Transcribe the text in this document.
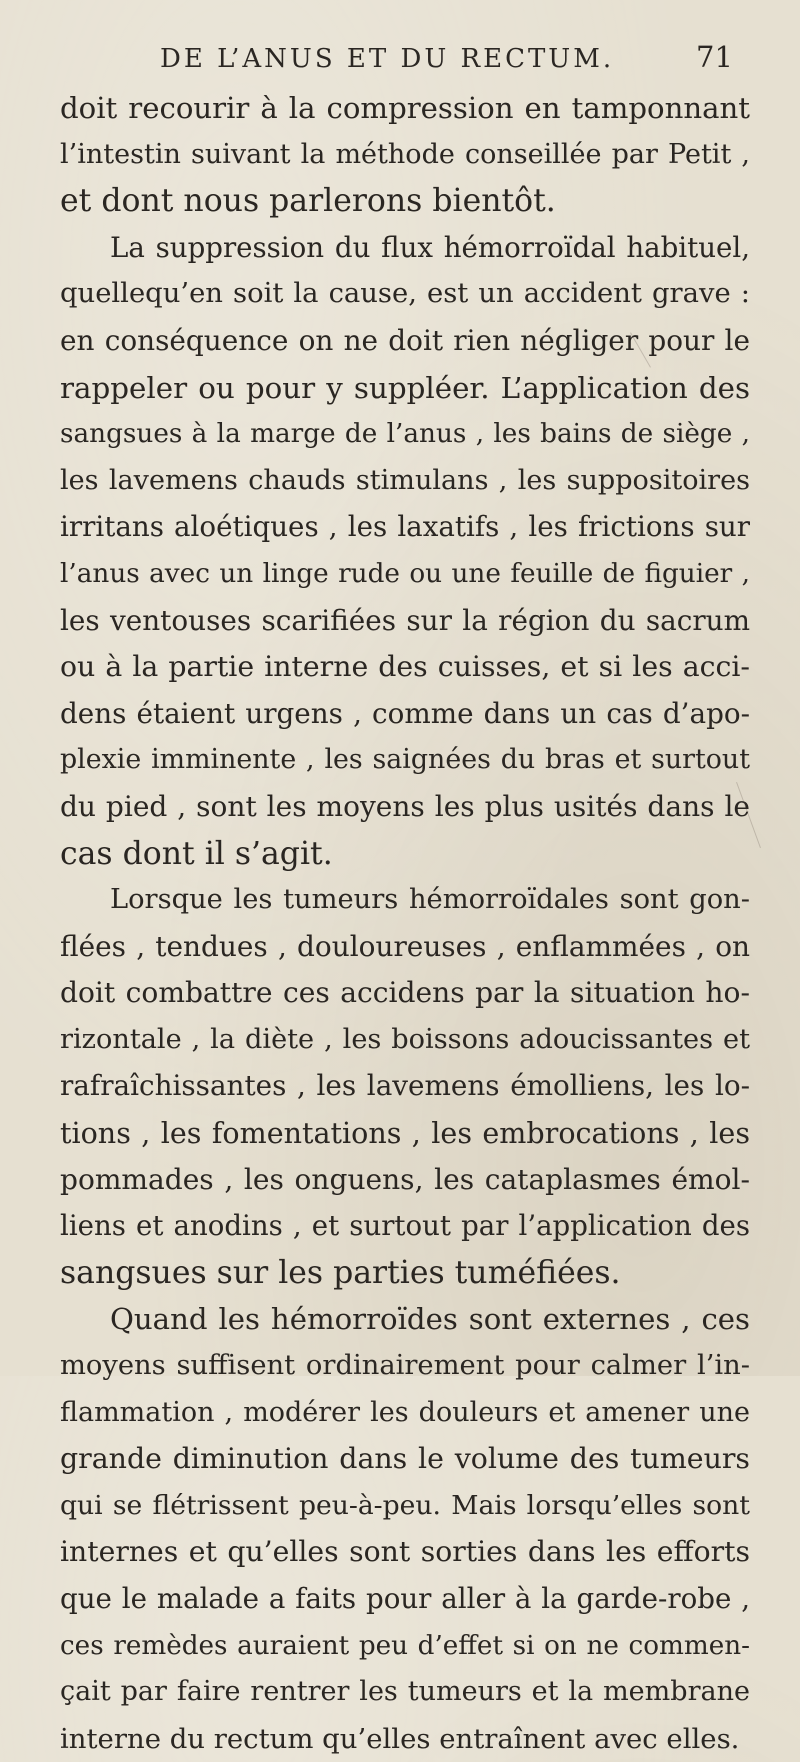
DE L’ANUS ET DU RECTUM.	71
doit recourir à la compression en tamponnant
l’intestin suivant la méthode conseillée par Petit ,
et dont nous parlerons bientôt.
La suppression du flux hémorroïdal habituel,
quellequ’en soit la cause, est un accident grave :
en conséquence on ne doit rien négliger pour le
rappeler ou pour y suppléer. L’application des
sangsues à la marge de l’anus , les bains de siège ,
les lavemens chauds stimulans , les suppositoires
irritans aloétiques , les laxatifs , les frictions sur
l’anus avec un linge rude ou une feuille de figuier ,
les ventouses scarifiées sur la région du sacrum
ou à la partie interne des cuisses, et si les acci-
dens étaient urgens , comme dans un cas d’apo-
plexie imminente , les saignées du bras et surtout
du pied , sont les moyens les plus usités dans le
cas dont il s’agit.
Lorsque les tumeurs hémorroïdales sont gon-
flées , tendues , douloureuses , enflammées , on
doit combattre ces accidens par la situation ho-
rizontale , la diète , les boissons adoucissantes et
rafraîchissantes , les lavemens émolliens, les lo-
tions , les fomentations , les embrocations , les
pommades , les onguens, les cataplasmes émol-
liens et anodins , et surtout par l’application des
sangsues sur les parties tuméfiées.
Quand les hémorroïdes sont externes , ces
moyens suffisent ordinairement pour calmer l’in-
flammation , modérer les douleurs et amener une
grande diminution dans le volume des tumeurs
qui se flétrissent peu-à-peu. Mais lorsqu’elles sont
internes et qu’elles sont sorties dans les efforts
que le malade a faits pour aller à la garde-robe ,
ces remèdes auraient peu d’effet si on ne commen-
çait par faire rentrer les tumeurs et la membrane
interne du rectum qu’elles entraînent avec elles.
